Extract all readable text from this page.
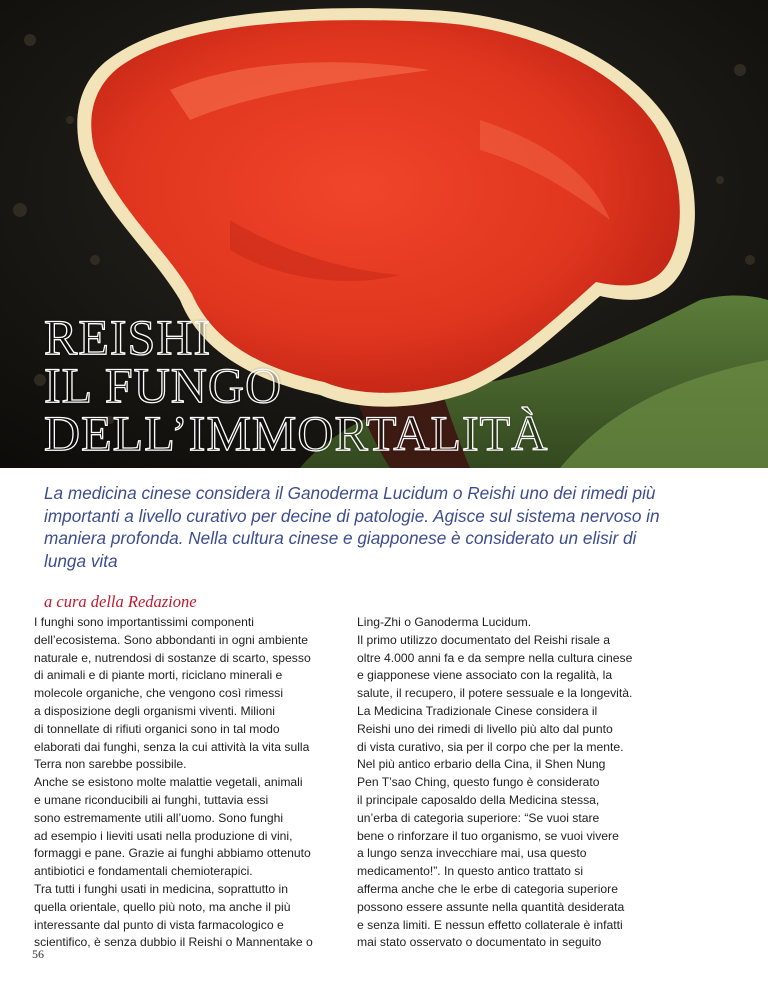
REISHI
IL FUNGO
DELL’IMMORTALITÀ

La medicina cinese considera il Ganoderma Lucidum o Reishi uno dei rimedi più importanti a livello curativo per decine di patologie. Agisce sul sistema nervoso in maniera profonda. Nella cultura cinese e giapponese è considerato un elisir di lunga vita

a cura della Redazione

I funghi sono importantissimi componenti
dell’ecosistema. Sono abbondanti in ogni ambiente
naturale e, nutrendosi di sostanze di scarto, spesso
di animali e di piante morti, riciclano minerali e
molecole organiche, che vengono così rimessi
a disposizione degli organismi viventi. Milioni
di tonnellate di rifiuti organici sono in tal modo
elaborati dai funghi, senza la cui attività la vita sulla
Terra non sarebbe possibile.
Anche se esistono molte malattie vegetali, animali
e umane riconducibili ai funghi, tuttavia essi
sono estremamente utili all’uomo. Sono funghi
ad esempio i lieviti usati nella produzione di vini,
formaggi e pane. Grazie ai funghi abbiamo ottenuto
antibiotici e fondamentali chemioterapici.
Tra tutti i funghi usati in medicina, soprattutto in
quella orientale, quello più noto, ma anche il più
interessante dal punto di vista farmacologico e
scientifico, è senza dubbio il Reishi o Mannentake o
Ling-Zhi o Ganoderma Lucidum.
Il primo utilizzo documentato del Reishi risale a
oltre 4.000 anni fa e da sempre nella cultura cinese
e giapponese viene associato con la regalità, la
salute, il recupero, il potere sessuale e la longevità.
La Medicina Tradizionale Cinese considera il
Reishi uno dei rimedi di livello più alto dal punto
di vista curativo, sia per il corpo che per la mente.
Nel più antico erbario della Cina, il Shen Nung
Pen T’sao Ching, questo fungo è considerato
il principale caposaldo della Medicina stessa,
un’erba di categoria superiore: “Se vuoi stare
bene o rinforzare il tuo organismo, se vuoi vivere
a lungo senza invecchiare mai, usa questo
medicamento!”. In questo antico trattato si
afferma anche che le erbe di categoria superiore
possono essere assunte nella quantità desiderata
e senza limiti. E nessun effetto collaterale è infatti
mai stato osservato o documentato in seguito

56
